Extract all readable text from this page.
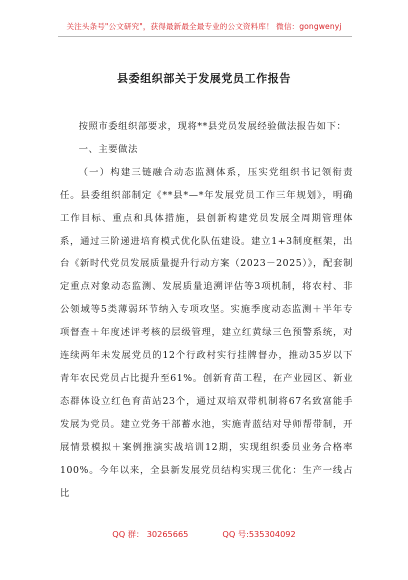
关注头条号"公文研究"，获得最新最全最专业的公文资料库！ 微信：gongwenyj
县委组织部关于发展党员工作报告

按照市委组织部要求，现将**县党员发展经验做法报告如下：

一、主要做法

（一）构建三链融合动态监测体系，压实党组织书记领衔责任。县委组织部制定《**县*—*年发展党员工作三年规划》，明确工作目标、重点和具体措施，县创新构建党员发展全周期管理体系，通过三阶递进培育模式优化队伍建设。建立1+3制度框架，出台《新时代党员发展质量提升行动方案（2023－2025）》，配套制定重点对象动态监测、发展质量追溯评估等3项机制，将农村、非公领域等5类薄弱环节纳入专项攻坚。实施季度动态监测＋半年专项督查＋年度述评考核的层级管理，建立红黄绿三色预警系统，对连续两年未发展党员的12个行政村实行挂牌督办，推动35岁以下青年农民党员占比提升至61%。创新育苗工程，在产业园区、新业态群体设立红色育苗站23个，通过双培双带机制将67名致富能手发展为党员。建立党务干部蓄水池，实施青蓝结对导师帮带制，开展情景模拟＋案例推演实战培训12期，实现组织委员业务合格率100%。今年以来，全县新发展党员结构实现三优化：生产一线占比

QQ 群： 30265665	QQ 号:535304092
